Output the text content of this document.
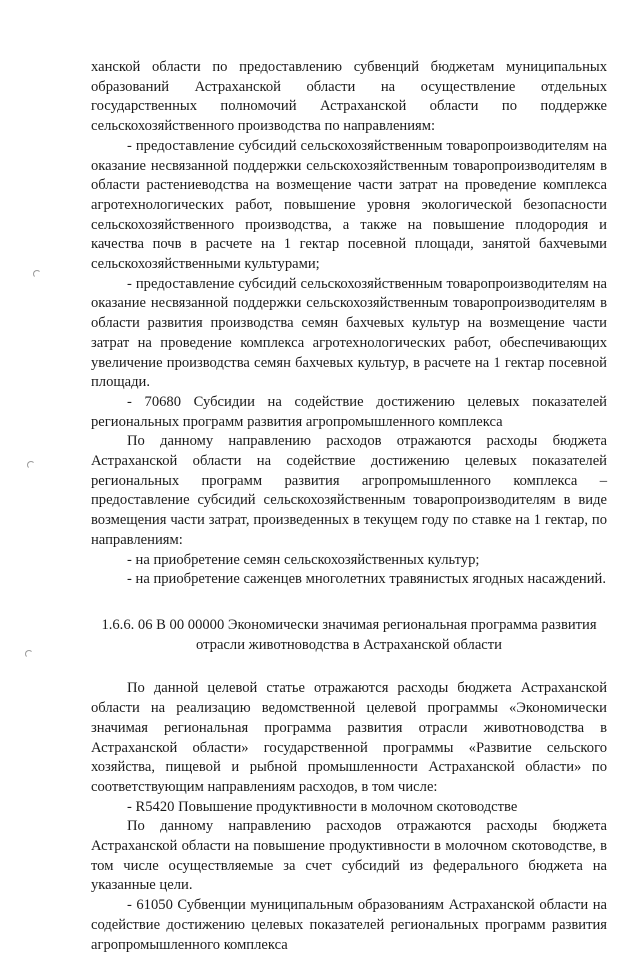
ханской области по предоставлению субвенций бюджетам муниципальных образований Астраханской области на осуществление отдельных государственных полномочий Астраханской области по поддержке сельскохозяйственного производства по направлениям:

- предоставление субсидий сельскохозяйственным товаропроизводителям на оказание несвязанной поддержки сельскохозяйственным товаропроизводителям в области растениеводства на возмещение части затрат на проведение комплекса агротехнологических работ, повышение уровня экологической безопасности сельскохозяйственного производства, а также на повышение плодородия и качества почв в расчете на 1 гектар посевной площади, занятой бахчевыми сельскохозяйственными культурами;

- предоставление субсидий сельскохозяйственным товаропроизводителям на оказание несвязанной поддержки сельскохозяйственным товаропроизводителям в области развития производства семян бахчевых культур на возмещение части затрат на проведение комплекса агротехнологических работ, обеспечивающих увеличение производства семян бахчевых культур, в расчете на 1 гектар посевной площади.

- 70680 Субсидии на содействие достижению целевых показателей региональных программ развития агропромышленного комплекса

По данному направлению расходов отражаются расходы бюджета Астраханской области на содействие достижению целевых показателей региональных программ развития агропромышленного комплекса – предоставление субсидий сельскохозяйственным товаропроизводителям в виде возмещения части затрат, произведенных в текущем году по ставке на 1 гектар, по направлениям:

- на приобретение семян сельскохозяйственных культур;

- на приобретение саженцев многолетних травянистых ягодных насаждений.

1.6.6. 06 В 00 00000 Экономически значимая региональная программа развития отрасли животноводства в Астраханской области

По данной целевой статье отражаются расходы бюджета Астраханской области на реализацию ведомственной целевой программы «Экономически значимая региональная программа развития отрасли животноводства в Астраханской области» государственной программы «Развитие сельского хозяйства, пищевой и рыбной промышленности Астраханской области» по соответствующим направлениям расходов, в том числе:

- R5420 Повышение продуктивности в молочном скотоводстве

По данному направлению расходов отражаются расходы бюджета Астраханской области на повышение продуктивности в молочном скотоводстве, в том числе осуществляемые за счет субсидий из федерального бюджета на указанные цели.

- 61050 Субвенции муниципальным образованиям Астраханской области на содействие достижению целевых показателей региональных программ развития агропромышленного комплекса
